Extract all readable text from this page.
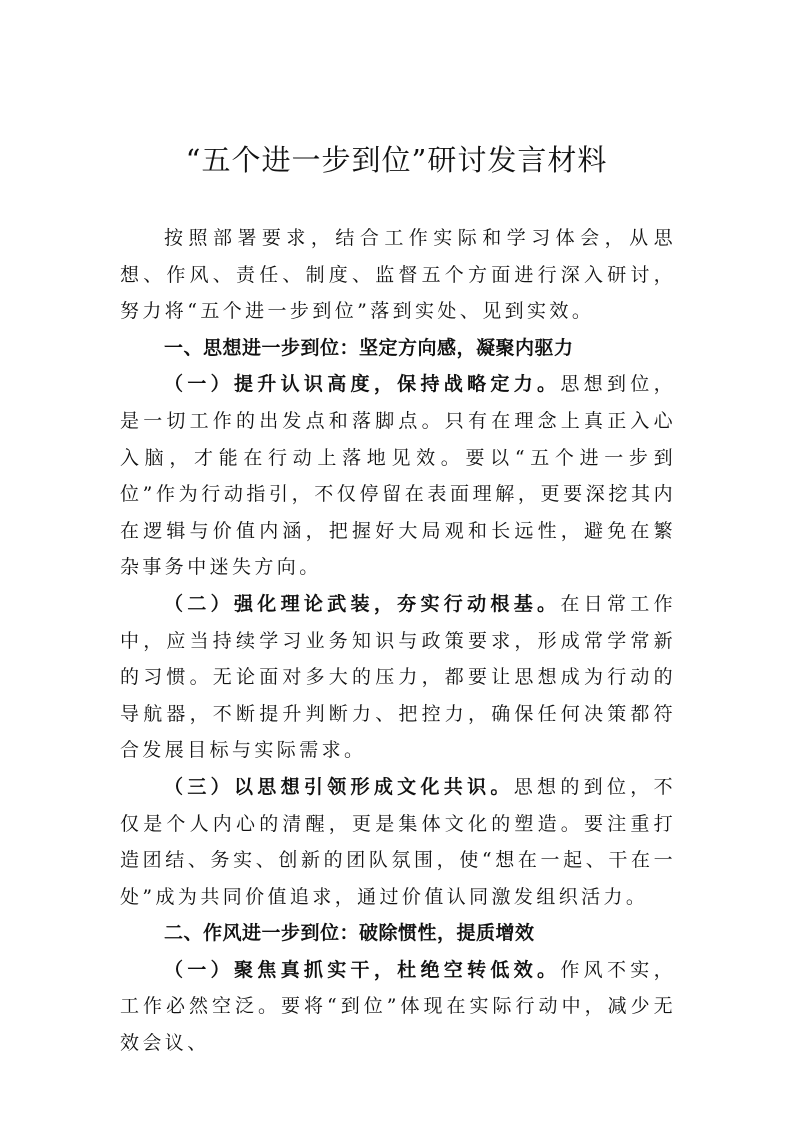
“五个进一步到位”研讨发言材料

按照部署要求，结合工作实际和学习体会，从思想、作风、责任、制度、监督五个方面进行深入研讨，努力将“五个进一步到位”落到实处、见到实效。

一、思想进一步到位：坚定方向感，凝聚内驱力

（一）提升认识高度，保持战略定力。思想到位，是一切工作的出发点和落脚点。只有在理念上真正入心入脑，才能在行动上落地见效。要以“五个进一步到位”作为行动指引，不仅停留在表面理解，更要深挖其内在逻辑与价值内涵，把握好大局观和长远性，避免在繁杂事务中迷失方向。

（二）强化理论武装，夯实行动根基。在日常工作中，应当持续学习业务知识与政策要求，形成常学常新的习惯。无论面对多大的压力，都要让思想成为行动的导航器，不断提升判断力、把控力，确保任何决策都符合发展目标与实际需求。

（三）以思想引领形成文化共识。思想的到位，不仅是个人内心的清醒，更是集体文化的塑造。要注重打造团结、务实、创新的团队氛围，使“想在一起、干在一处”成为共同价值追求，通过价值认同激发组织活力。

二、作风进一步到位：破除惯性，提质增效

（一）聚焦真抓实干，杜绝空转低效。作风不实，工作必然空泛。要将“到位”体现在实际行动中，减少无效会议、
